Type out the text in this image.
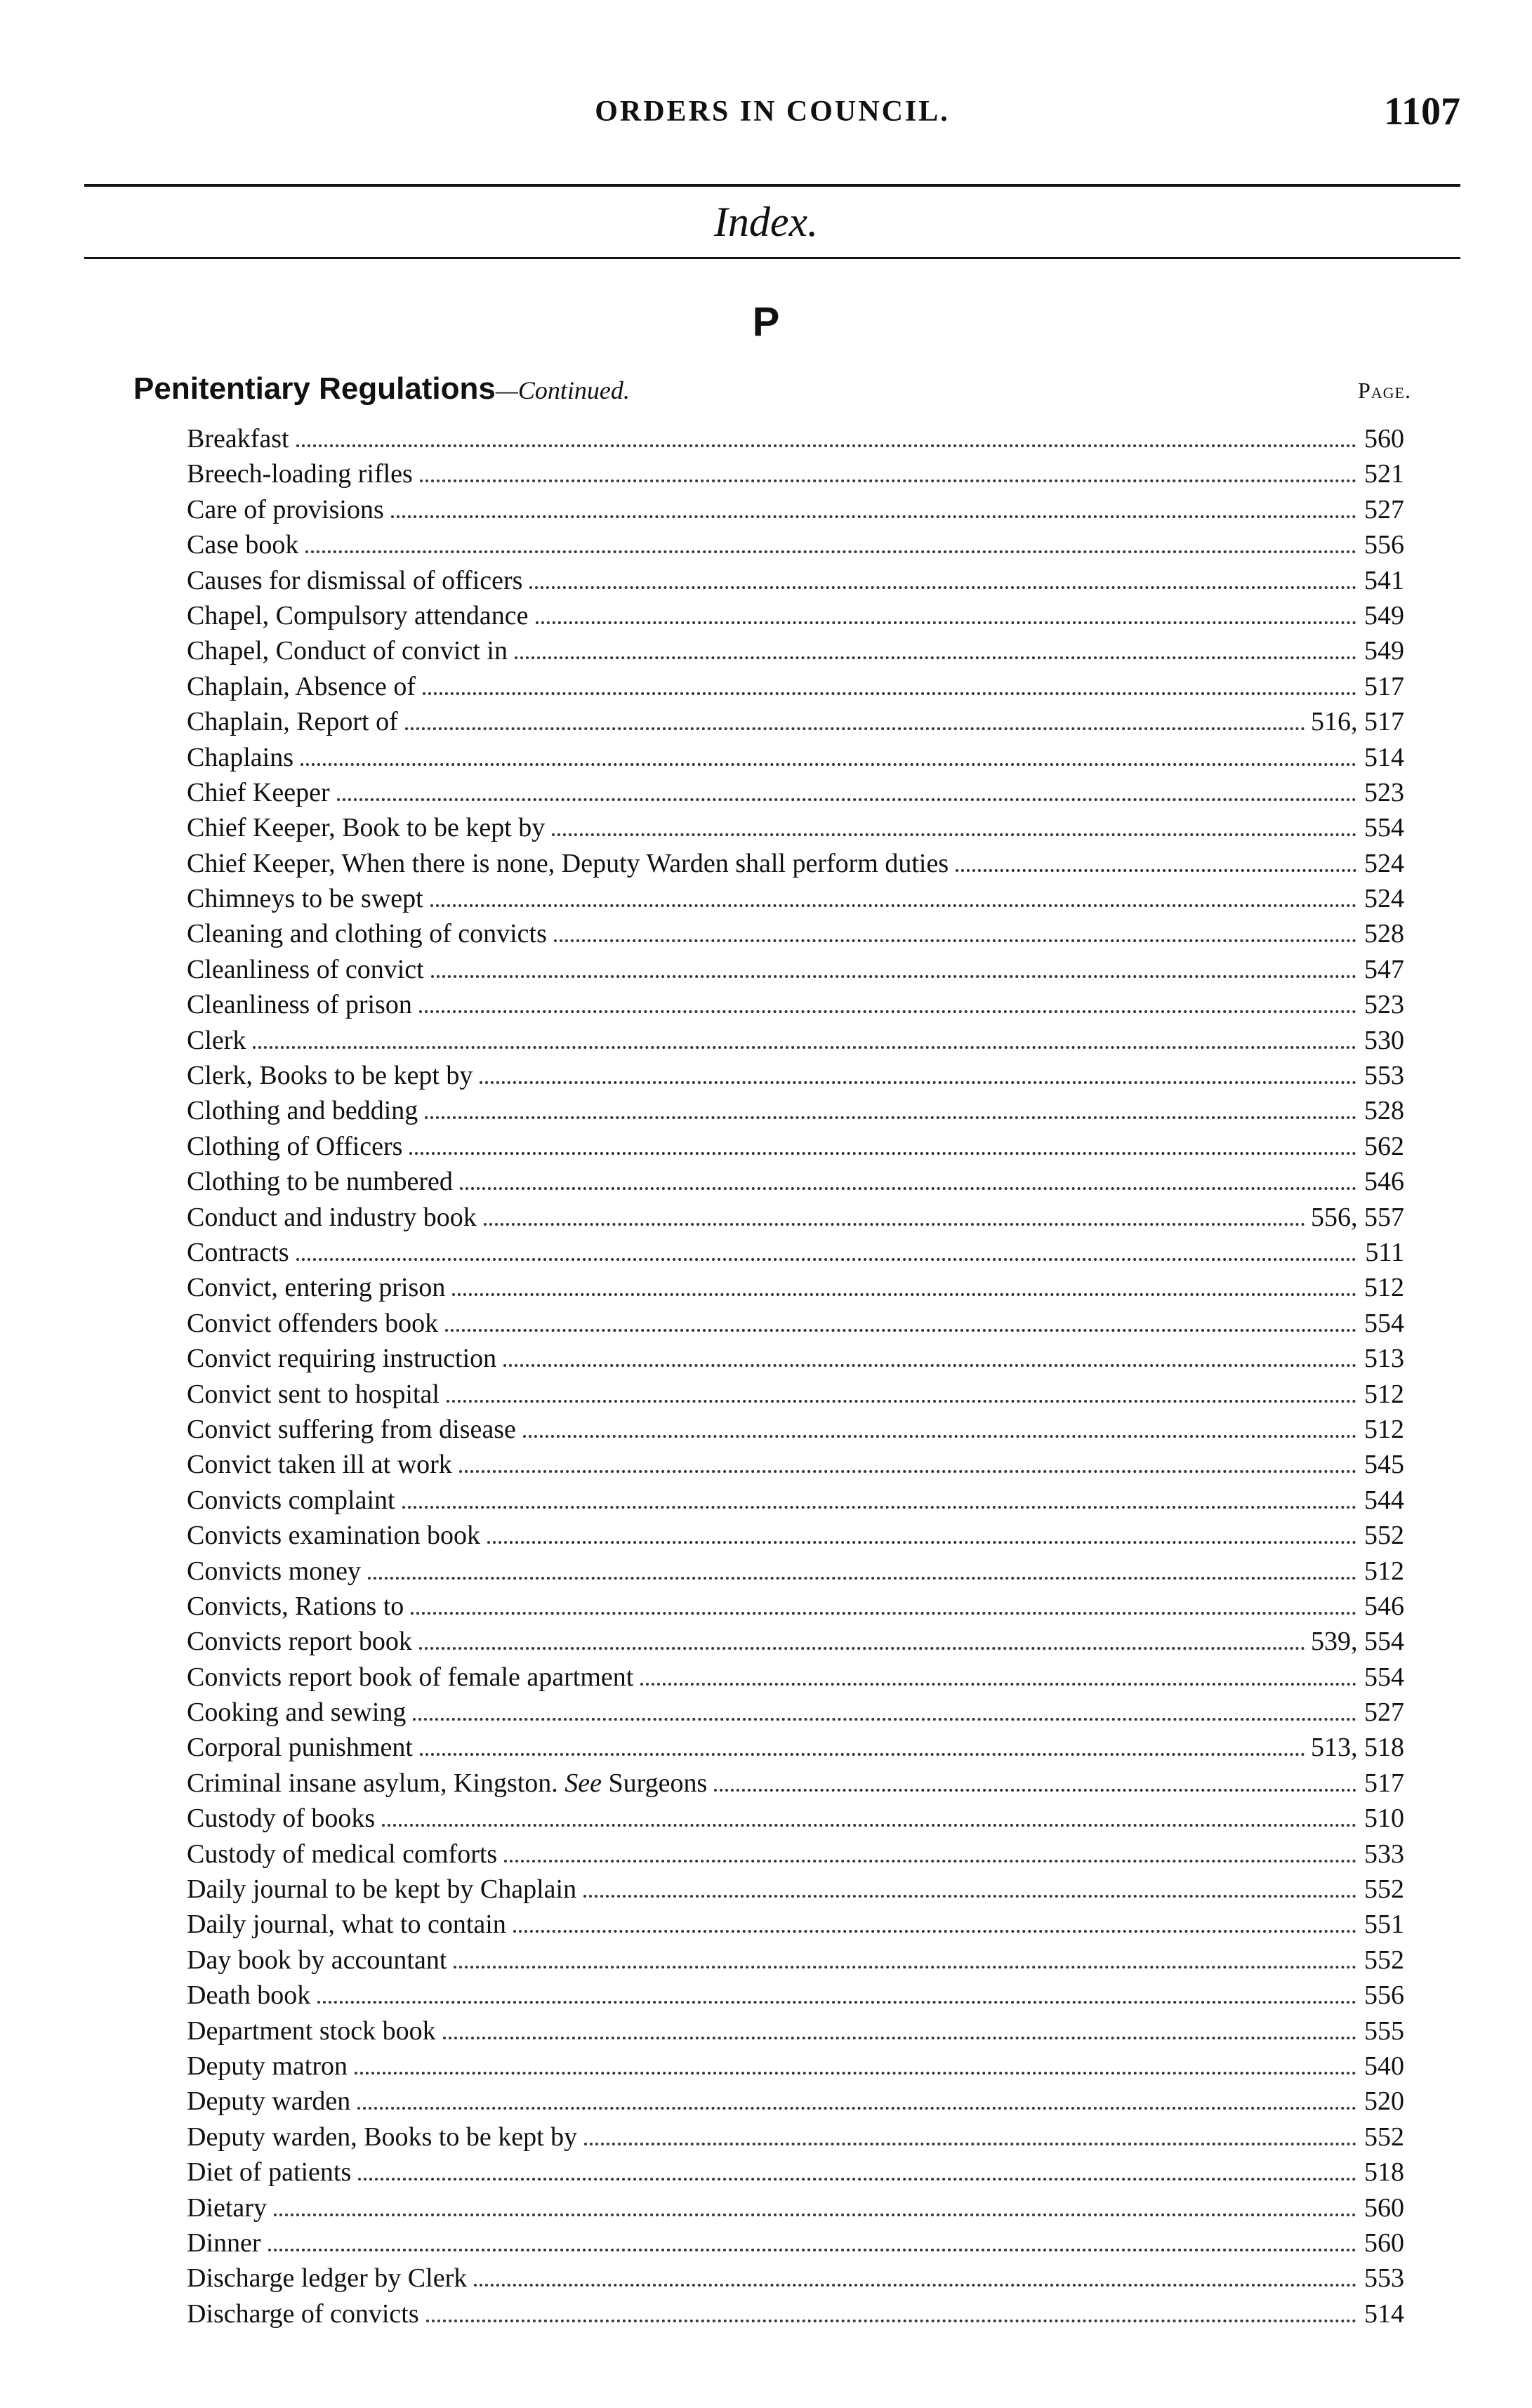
ORDERS IN COUNCIL.	1107
Index.
P
Penitentiary Regulations—Continued.	Page.
Breakfast	560
Breech-loading rifles	521
Care of provisions	527
Case book	556
Causes for dismissal of officers	541
Chapel, Compulsory attendance	549
Chapel, Conduct of convict in	549
Chaplain, Absence of	517
Chaplain, Report of	516, 517
Chaplains	514
Chief Keeper	523
Chief Keeper, Book to be kept by	554
Chief Keeper, When there is none, Deputy Warden shall perform duties	524
Chimneys to be swept	524
Cleaning and clothing of convicts	528
Cleanliness of convict	547
Cleanliness of prison	523
Clerk	530
Clerk, Books to be kept by	553
Clothing and bedding	528
Clothing of Officers	562
Clothing to be numbered	546
Conduct and industry book	556, 557
Contracts	511
Convict, entering prison	512
Convict offenders book	554
Convict requiring instruction	513
Convict sent to hospital	512
Convict suffering from disease	512
Convict taken ill at work	545
Convicts complaint	544
Convicts examination book	552
Convicts money	512
Convicts, Rations to	546
Convicts report book	539, 554
Convicts report book of female apartment	554
Cooking and sewing	527
Corporal punishment	513, 518
Criminal insane asylum, Kingston. See Surgeons	517
Custody of books	510
Custody of medical comforts	533
Daily journal to be kept by Chaplain	552
Daily journal, what to contain	551
Day book by accountant	552
Death book	556
Department stock book	555
Deputy matron	540
Deputy warden	520
Deputy warden, Books to be kept by	552
Diet of patients	518
Dietary	560
Dinner	560
Discharge ledger by Clerk	553
Discharge of convicts	514
